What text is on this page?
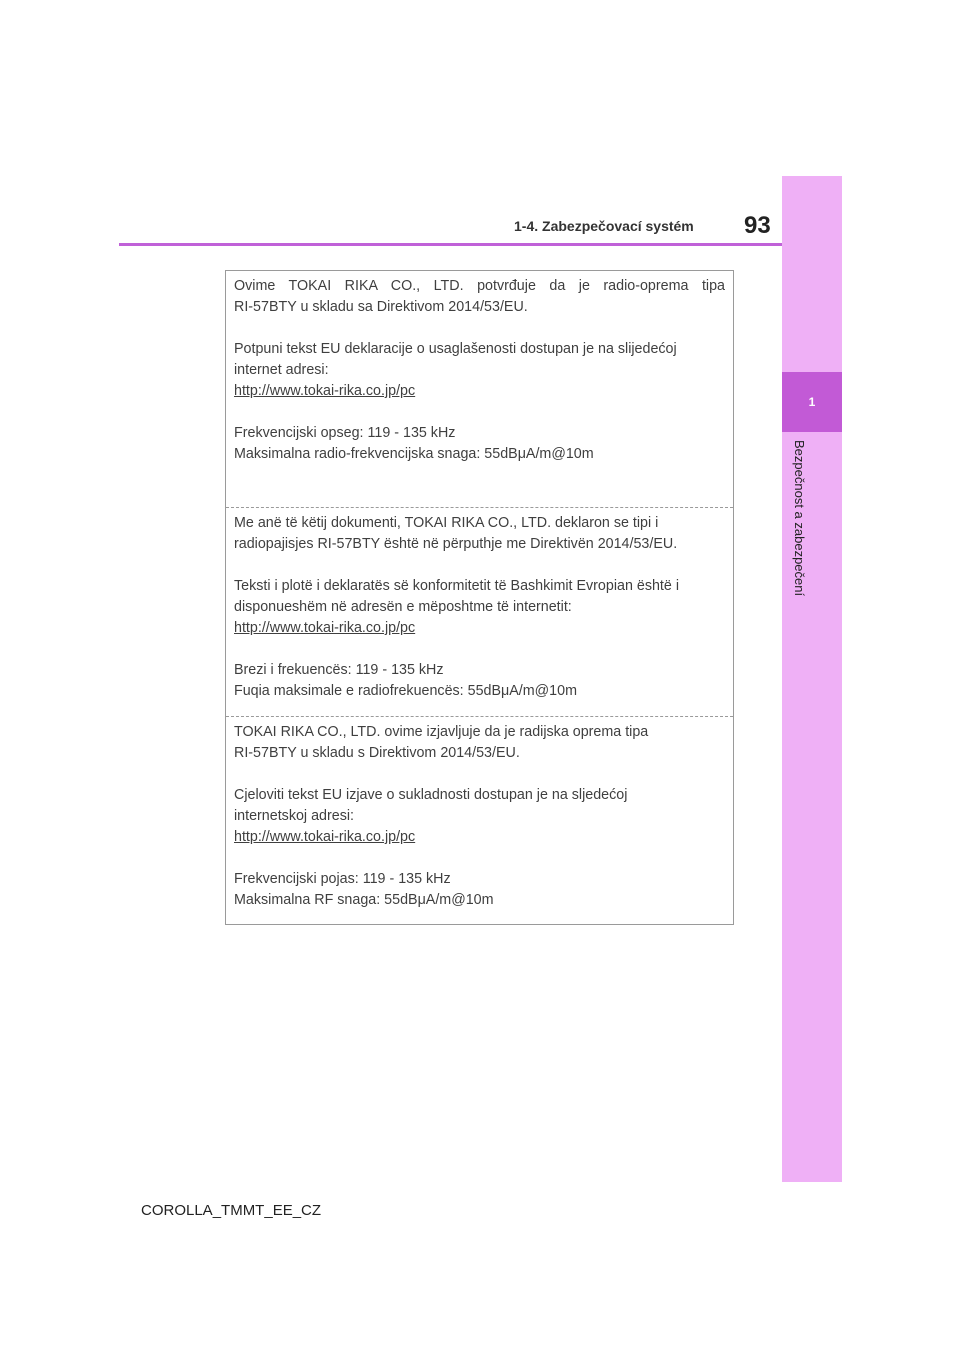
1-4. Zabezpečovací systém 93
1
Bezpečnost a zabezpečení

Ovime TOKAI RIKA CO., LTD. potvrđuje da je radio-oprema tipa
RI-57BTY u skladu sa Direktivom 2014/53/EU.

Potpuni tekst EU deklaracije o usaglašenosti dostupan je na slijedećoj
internet adresi:
http://www.tokai-rika.co.jp/pc

Frekvencijski opseg: 119 - 135 kHz
Maksimalna radio-frekvencijska snaga: 55dBμA/m@10m

Me anë të këtij dokumenti, TOKAI RIKA CO., LTD. deklaron se tipi i
radiopajisjes RI-57BTY është në përputhje me Direktivën 2014/53/EU.

Teksti i plotë i deklaratës së konformitetit të Bashkimit Evropian është i
disponueshëm në adresën e mëposhtme të internetit:
http://www.tokai-rika.co.jp/pc

Brezi i frekuencës: 119 - 135 kHz
Fuqia maksimale e radiofrekuencës: 55dBμA/m@10m

TOKAI RIKA CO., LTD. ovime izjavljuje da je radijska oprema tipa
RI-57BTY u skladu s Direktivom 2014/53/EU.

Cjeloviti tekst EU izjave o sukladnosti dostupan je na sljedećoj
internetskoj adresi:
http://www.tokai-rika.co.jp/pc

Frekvencijski pojas: 119 - 135 kHz
Maksimalna RF snaga: 55dBμA/m@10m

COROLLA_TMMT_EE_CZ
